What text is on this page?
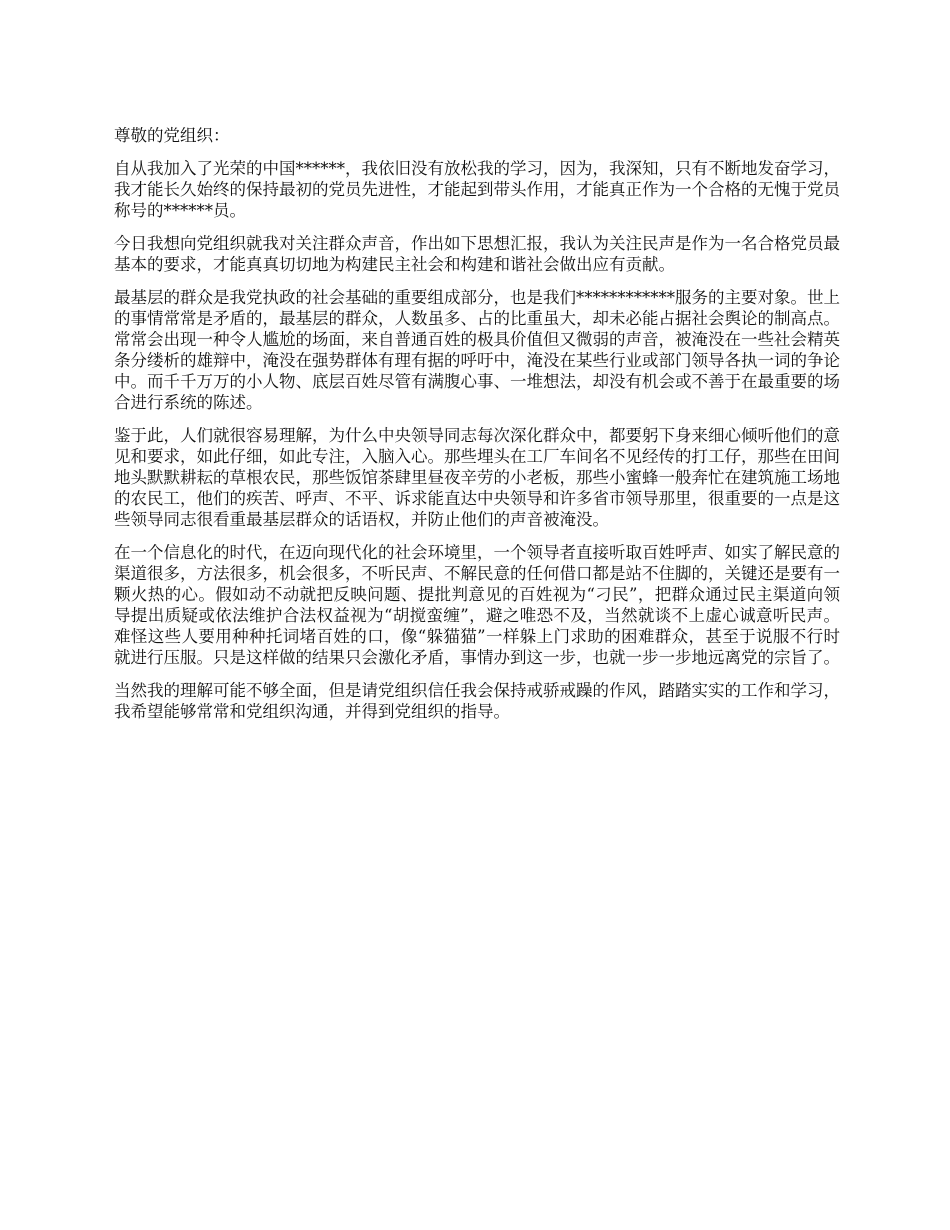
尊敬的党组织：

自从我加入了光荣的中国******，我依旧没有放松我的学习，因为，我深知，只有不断地发奋学习，我才能长久始终的保持最初的党员先进性，才能起到带头作用，才能真正作为一个合格的无愧于党员称号的******员。

今日我想向党组织就我对关注群众声音，作出如下思想汇报，我认为关注民声是作为一名合格党员最基本的要求，才能真真切切地为构建民主社会和构建和谐社会做出应有贡献。

最基层的群众是我党执政的社会基础的重要组成部分，也是我们************服务的主要对象。世上的事情常常是矛盾的，最基层的群众，人数虽多、占的比重虽大，却未必能占据社会舆论的制高点。常常会出现一种令人尴尬的场面，来自普通百姓的极具价值但又微弱的声音，被淹没在一些社会精英条分缕析的雄辩中，淹没在强势群体有理有据的呼吁中，淹没在某些行业或部门领导各执一词的争论中。而千千万万的小人物、底层百姓尽管有满腹心事、一堆想法，却没有机会或不善于在最重要的场合进行系统的陈述。

鉴于此，人们就很容易理解，为什么中央领导同志每次深化群众中，都要躬下身来细心倾听他们的意见和要求，如此仔细，如此专注，入脑入心。那些埋头在工厂车间名不见经传的打工仔，那些在田间地头默默耕耘的草根农民，那些饭馆茶肆里昼夜辛劳的小老板，那些小蜜蜂一般奔忙在建筑施工场地的农民工，他们的疾苦、呼声、不平、诉求能直达中央领导和许多省市领导那里，很重要的一点是这些领导同志很看重最基层群众的话语权，并防止他们的声音被淹没。

在一个信息化的时代，在迈向现代化的社会环境里，一个领导者直接听取百姓呼声、如实了解民意的渠道很多，方法很多，机会很多，不听民声、不解民意的任何借口都是站不住脚的，关键还是要有一颗火热的心。假如动不动就把反映问题、提批判意见的百姓视为“刁民”，把群众通过民主渠道向领导提出质疑或依法维护合法权益视为“胡搅蛮缠”，避之唯恐不及，当然就谈不上虚心诚意听民声。难怪这些人要用种种托词堵百姓的口，像“躲猫猫”一样躲上门求助的困难群众，甚至于说服不行时就进行压服。只是这样做的结果只会激化矛盾，事情办到这一步，也就一步一步地远离党的宗旨了。

当然我的理解可能不够全面，但是请党组织信任我会保持戒骄戒躁的作风，踏踏实实的工作和学习，我希望能够常常和党组织沟通，并得到党组织的指导。
